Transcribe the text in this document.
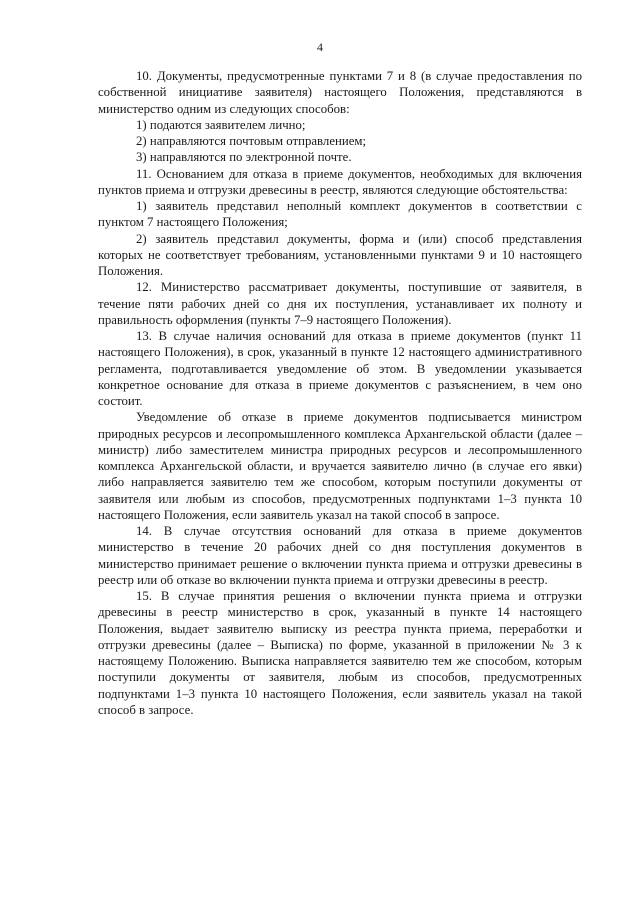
4

10. Документы, предусмотренные пунктами 7 и 8 (в случае предоставления по собственной инициативе заявителя) настоящего Положения, представляются в министерство одним из следующих способов:

1) подаются заявителем лично;

2) направляются почтовым отправлением;

3) направляются по электронной почте.

11. Основанием для отказа в приеме документов, необходимых для включения пунктов приема и отгрузки древесины в реестр, являются следующие обстоятельства:

1) заявитель представил неполный комплект документов в соответствии с пунктом 7 настоящего Положения;

2) заявитель представил документы, форма и (или) способ представления которых не соответствует требованиям, установленными пунктами 9 и 10 настоящего Положения.

12. Министерство рассматривает документы, поступившие от заявителя, в течение пяти рабочих дней со дня их поступления, устанавливает их полноту и правильность оформления (пункты 7–9 настоящего Положения).

13. В случае наличия оснований для отказа в приеме документов (пункт 11 настоящего Положения), в срок, указанный в пункте 12 настоящего административного регламента, подготавливается уведомление об этом. В уведомлении указывается конкретное основание для отказа в приеме документов с разъяснением, в чем оно состоит.

Уведомление об отказе в приеме документов подписывается министром природных ресурсов и лесопромышленного комплекса Архангельской области (далее – министр) либо заместителем министра природных ресурсов и лесопромышленного комплекса Архангельской области, и вручается заявителю лично (в случае его явки) либо направляется заявителю тем же способом, которым поступили документы от заявителя или любым из способов, предусмотренных подпунктами 1–3 пункта 10 настоящего Положения, если заявитель указал на такой способ в запросе.

14. В случае отсутствия оснований для отказа в приеме документов министерство в течение 20 рабочих дней со дня поступления документов в министерство принимает решение о включении пункта приема и отгрузки древесины в реестр или об отказе во включении пункта приема и отгрузки древесины в реестр.

15. В случае принятия решения о включении пункта приема и отгрузки древесины в реестр министерство в срок, указанный в пункте 14 настоящего Положения, выдает заявителю выписку из реестра пункта приема, переработки и отгрузки древесины (далее – Выписка) по форме, указанной в приложении № 3 к настоящему Положению. Выписка направляется заявителю тем же способом, которым поступили документы от заявителя, любым из способов, предусмотренных подпунктами 1–3 пункта 10 настоящего Положения, если заявитель указал на такой способ в запросе.
